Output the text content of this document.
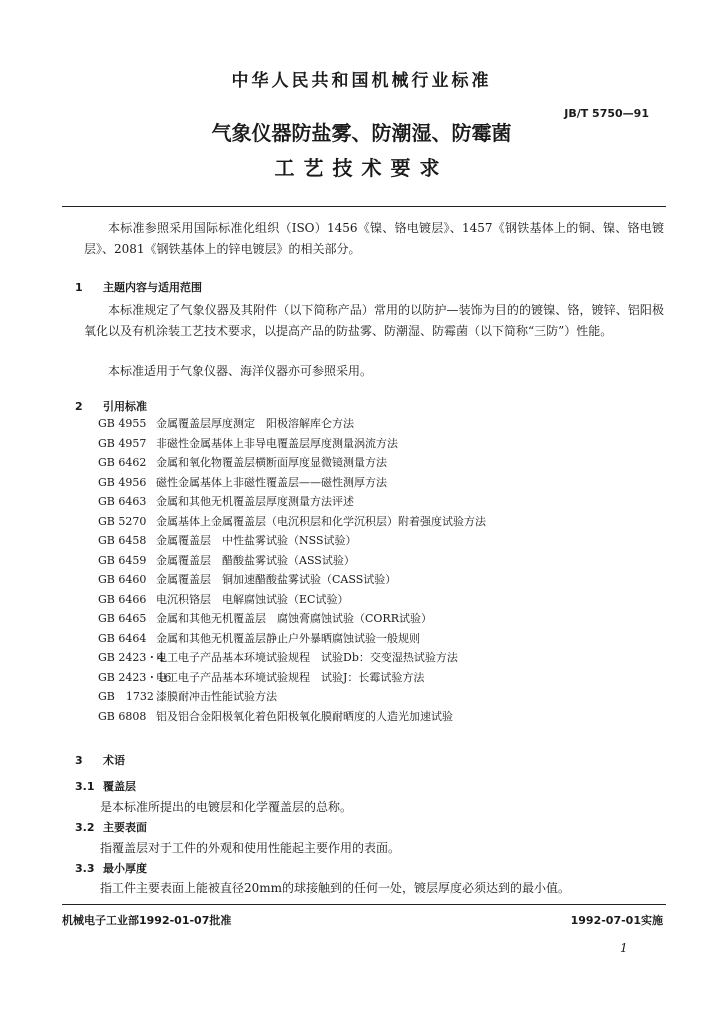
中华人民共和国机械行业标准
JB/T 5750—91
气象仪器防盐雾、防潮湿、防霉菌
工艺技术要求
本标准参照采用国际标准化组织（ISO）1456《镍、铬电镀层》、1457《钢铁基体上的铜、镍、铬电镀层》、2081《钢铁基体上的锌电镀层》的相关部分。
1 主题内容与适用范围
本标准规定了气象仪器及其附件（以下简称产品）常用的以防护—装饰为目的的镀镍、铬，镀锌、铝阳极氧化以及有机涂装工艺技术要求，以提高产品的防盐雾、防潮湿、防霉菌（以下简称“三防”）性能。
本标准适用于气象仪器、海洋仪器亦可参照采用。
2 引用标准
GB 4955 金属覆盖层厚度测定　阳极溶解库仑方法
GB 4957 非磁性金属基体上非导电覆盖层厚度测量涡流方法
GB 6462 金属和氧化物覆盖层横断面厚度显微镜测量方法
GB 4956 磁性金属基体上非磁性覆盖层——磁性测厚方法
GB 6463 金属和其他无机覆盖层厚度测量方法评述
GB 5270 金属基体上金属覆盖层（电沉积层和化学沉积层）附着强度试验方法
GB 6458 金属覆盖层　中性盐雾试验（NSS试验）
GB 6459 金属覆盖层　醋酸盐雾试验（ASS试验）
GB 6460 金属覆盖层　铜加速醋酸盐雾试验（CASS试验）
GB 6466 电沉积铬层　电解腐蚀试验（EC试验）
GB 6465 金属和其他无机覆盖层　腐蚀膏腐蚀试验（CORR试验）
GB 6464 金属和其他无机覆盖层静止户外暴晒腐蚀试验一般规则
GB 2423・4电工电子产品基本环境试验规程　试验Db：交变湿热试验方法
GB 2423・16电工电子产品基本环境试验规程　试验J：长霉试验方法
GB　1732 漆膜耐冲击性能试验方法
GB 6808 铝及铝合金阳极氧化着色阳极氧化膜耐晒度的人造光加速试验
3 术语
3.1 覆盖层
是本标准所提出的电镀层和化学覆盖层的总称。
3.2 主要表面
指覆盖层对于工件的外观和使用性能起主要作用的表面。
3.3 最小厚度
指工件主要表面上能被直径20mm的球接触到的任何一处，镀层厚度必须达到的最小值。
机械电子工业部1992-01-07批准	1992-07-01实施
1
